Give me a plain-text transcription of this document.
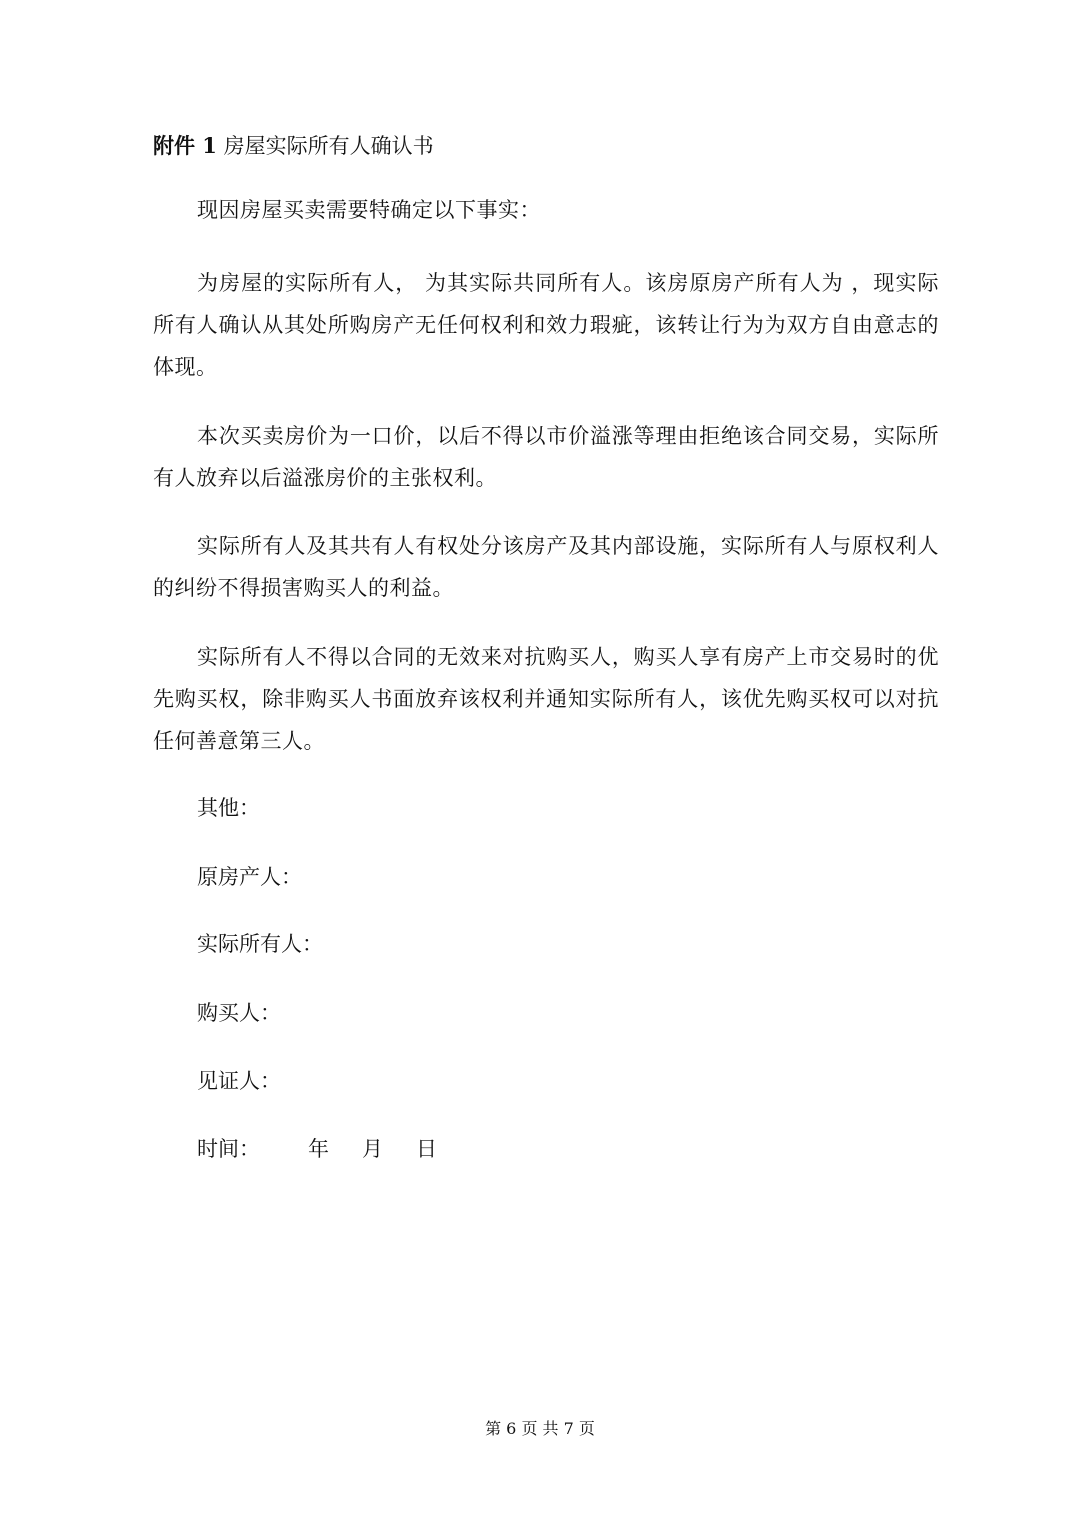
附件 1 房屋实际所有人确认书
现因房屋买卖需要特确定以下事实：
为房屋的实际所有人， 为其实际共同所有人。该房原房产所有人为 ，现实际所有人确认从其处所购房产无任何权利和效力瑕疵，该转让行为为双方自由意志的体现。
本次买卖房价为一口价，以后不得以市价溢涨等理由拒绝该合同交易，实际所有人放弃以后溢涨房价的主张权利。
实际所有人及其共有人有权处分该房产及其内部设施，实际所有人与原权利人的纠纷不得损害购买人的利益。
实际所有人不得以合同的无效来对抗购买人，购买人享有房产上市交易时的优先购买权，除非购买人书面放弃该权利并通知实际所有人，该优先购买权可以对抗任何善意第三人。
其他：
原房产人：
实际所有人：
购买人：
见证人：
时间： 年 月 日
第 6 页 共 7 页
